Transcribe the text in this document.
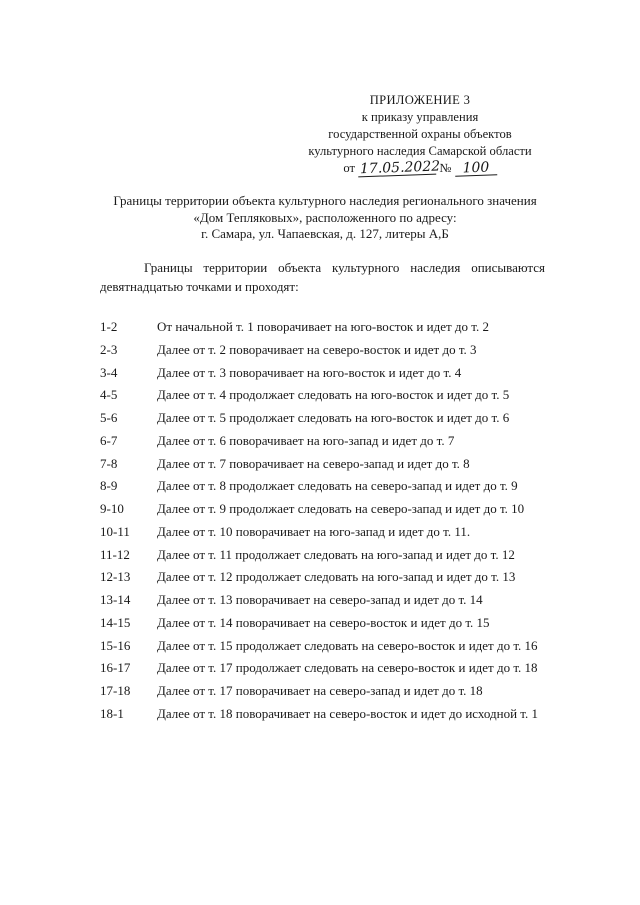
ПРИЛОЖЕНИЕ 3
к приказу управления
государственной охраны объектов
культурного наследия Самарской области
от 17.05.2022 № 100
Границы территории объекта культурного наследия регионального значения
«Дом Тепляковых», расположенного по адресу:
г. Самара, ул. Чапаевская, д. 127, литеры А,Б
Границы территории объекта культурного наследия описываются
девятнадцатью точками и проходят:
1-2	От начальной т. 1 поворачивает на юго-восток и идет до т. 2
2-3	Далее от т. 2 поворачивает на северо-восток и идет до т. 3
3-4	Далее от т. 3 поворачивает на юго-восток и идет до т. 4
4-5	Далее от т. 4 продолжает следовать на юго-восток и идет до т. 5
5-6	Далее от т. 5 продолжает следовать на юго-восток и идет до т. 6
6-7	Далее от т. 6 поворачивает на юго-запад и идет до т. 7
7-8	Далее от т. 7 поворачивает на северо-запад и идет до т. 8
8-9	Далее от т. 8 продолжает следовать на северо-запад и идет до т. 9
9-10	Далее от т. 9 продолжает следовать на северо-запад и идет до т. 10
10-11	Далее от т. 10 поворачивает на юго-запад и идет до т. 11.
11-12	Далее от т. 11 продолжает следовать на юго-запад и идет до т. 12
12-13	Далее от т. 12 продолжает следовать на юго-запад и идет до т. 13
13-14	Далее от т. 13 поворачивает на северо-запад и идет до т. 14
14-15	Далее от т. 14 поворачивает на северо-восток и идет до т. 15
15-16	Далее от т. 15 продолжает следовать на северо-восток и идет до т. 16
16-17	Далее от т. 17 продолжает следовать на северо-восток и идет до т. 18
17-18	Далее от т. 17 поворачивает на северо-запад и идет до т. 18
18-1	Далее от т. 18 поворачивает на северо-восток и идет до исходной т. 1
